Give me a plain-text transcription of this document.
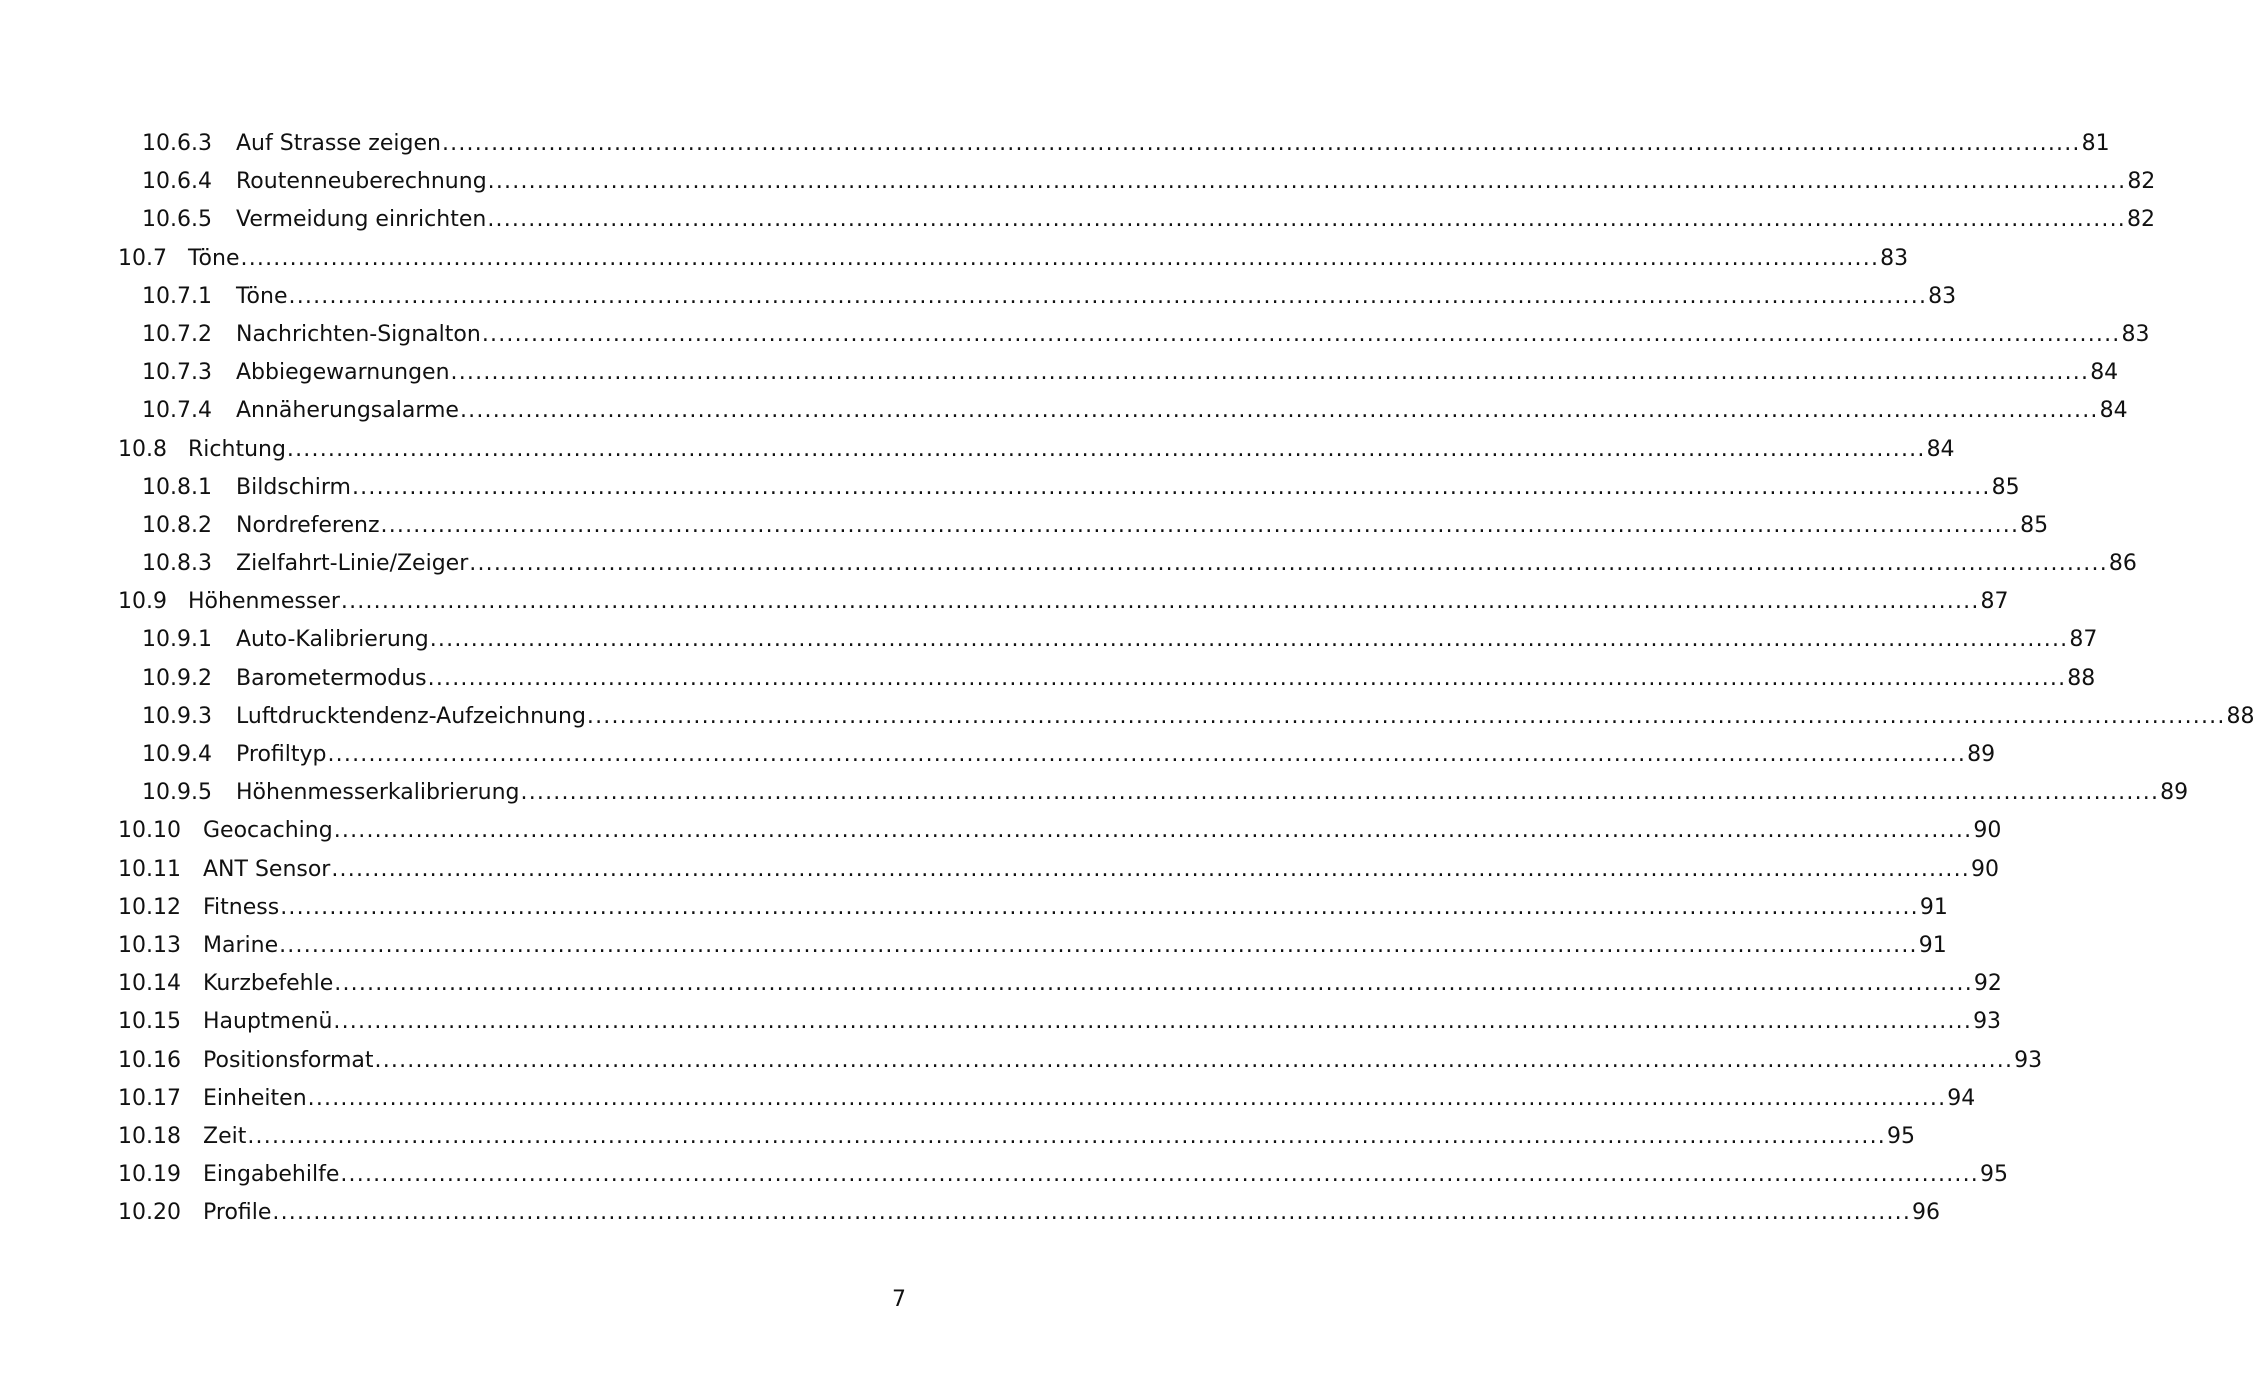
10.6.3	Auf Strasse zeigen ........................................................................................................................................................................................................ 81
10.6.4	Routenneuberechnung ........................................................................................................................................................................................................ 82
10.6.5	Vermeidung einrichten ........................................................................................................................................................................................................ 82
10.7 Töne ........................................................................................................................................................................................................ 83
10.7.1	Töne ........................................................................................................................................................................................................ 83
10.7.2	Nachrichten-Signalton ........................................................................................................................................................................................................ 83
10.7.3	Abbiegewarnungen ........................................................................................................................................................................................................ 84
10.7.4	Annäherungsalarme ........................................................................................................................................................................................................ 84
10.8 Richtung ........................................................................................................................................................................................................ 84
10.8.1	Bildschirm ........................................................................................................................................................................................................ 85
10.8.2	Nordreferenz ........................................................................................................................................................................................................ 85
10.8.3	Zielfahrt-Linie/Zeiger ........................................................................................................................................................................................................ 86
10.9 Höhenmesser ........................................................................................................................................................................................................ 87
10.9.1	Auto-Kalibrierung ........................................................................................................................................................................................................ 87
10.9.2	Barometermodus ........................................................................................................................................................................................................ 88
10.9.3	Luftdrucktendenz-Aufzeichnung ........................................................................................................................................................................................................ 88
10.9.4	Profiltyp ........................................................................................................................................................................................................ 89
10.9.5	Höhenmesserkalibrierung ........................................................................................................................................................................................................ 89
10.10	Geocaching ........................................................................................................................................................................................................ 90
10.11	ANT Sensor ........................................................................................................................................................................................................ 90
10.12	Fitness ........................................................................................................................................................................................................ 91
10.13	Marine ........................................................................................................................................................................................................ 91
10.14	Kurzbefehle ........................................................................................................................................................................................................ 92
10.15	Hauptmenü ........................................................................................................................................................................................................ 93
10.16	Positionsformat ........................................................................................................................................................................................................ 93
10.17	Einheiten ........................................................................................................................................................................................................ 94
10.18	Zeit ........................................................................................................................................................................................................ 95
10.19	Eingabehilfe ........................................................................................................................................................................................................ 95
10.20	Profile ........................................................................................................................................................................................................ 96
7
